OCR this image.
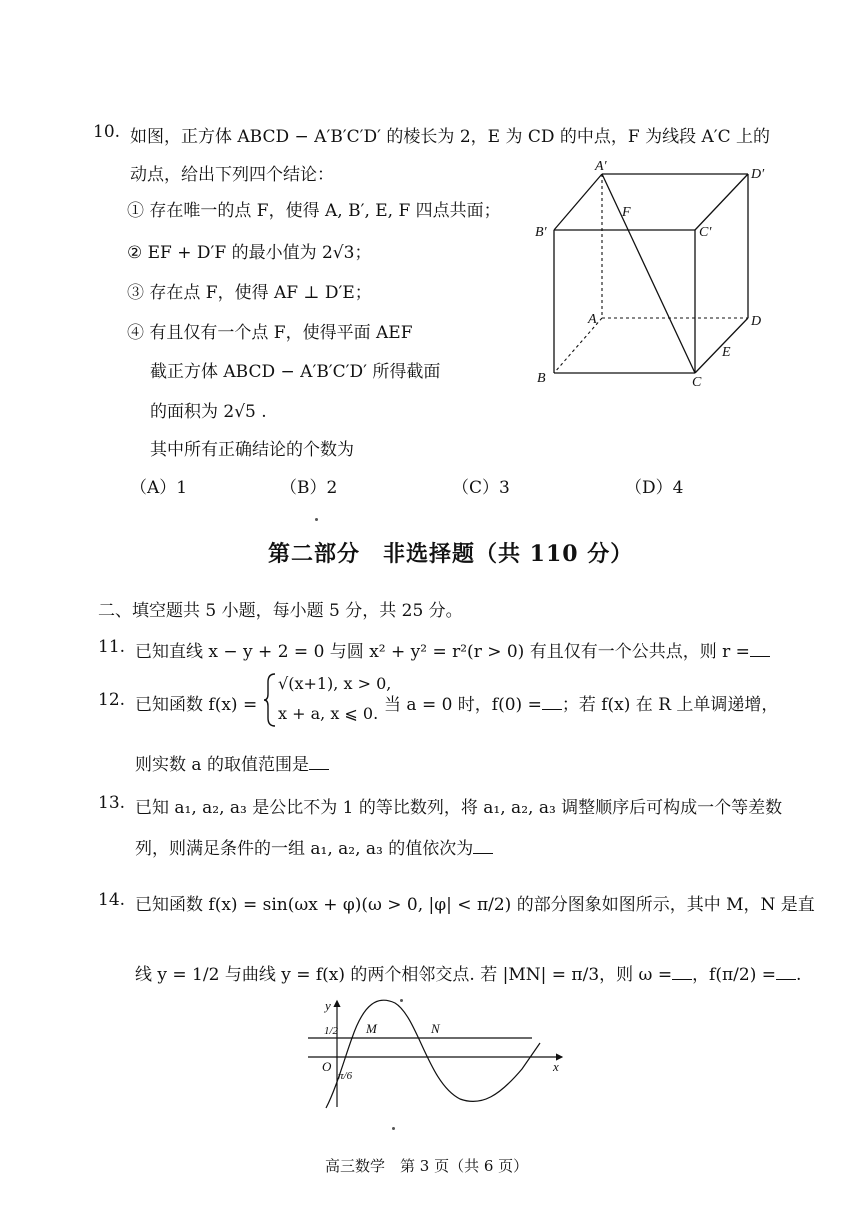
10. 如图，正方体 ABCD − A′B′C′D′ 的棱长为 2，E 为 CD 的中点，F 为线段 A′C 上的
动点，给出下列四个结论：
① 存在唯一的点 F，使得 A, B′, E, F 四点共面；
② EF + D′F 的最小值为 2√3；
③ 存在点 F，使得 AF ⊥ D′E；
④ 有且仅有一个点 F，使得平面 AEF
截正方体 ABCD − A′B′C′D′ 所得截面
的面积为 2√5 .
其中所有正确结论的个数为
（A）1	（B）2	（C）3	（D）4
A′
D′
B′	C′
F
A	D
E
B	C
第二部分　非选择题（共 110 分）
二、填空题共 5 小题，每小题 5 分，共 25 分。
11. 已知直线 x − y + 2 = 0 与圆 x² + y² = r²(r > 0) 有且仅有一个公共点，则 r =
12. 已知函数 f(x) =
√(x+1), x > 0,
x + a, x ⩽ 0. 当 a = 0 时，f(0) = ；若 f(x) 在 R 上单调递增，
则实数 a 的取值范围是
13. 已知 a₁, a₂, a₃ 是公比不为 1 的等比数列，将 a₁, a₂, a₃ 调整顺序后可构成一个等差数
列，则满足条件的一组 a₁, a₂, a₃ 的值依次为
14. 已知函数 f(x) = sin(ωx + φ)(ω > 0, |φ| < π/2) 的部分图象如图所示，其中 M，N 是直
线 y = 1/2 与曲线 y = f(x) 的两个相邻交点. 若 |MN| = π/3，则 ω = ，f(π/2) = .
y
x
O
1/2 M	N
π/6
高三数学　第 3 页（共 6 页）
